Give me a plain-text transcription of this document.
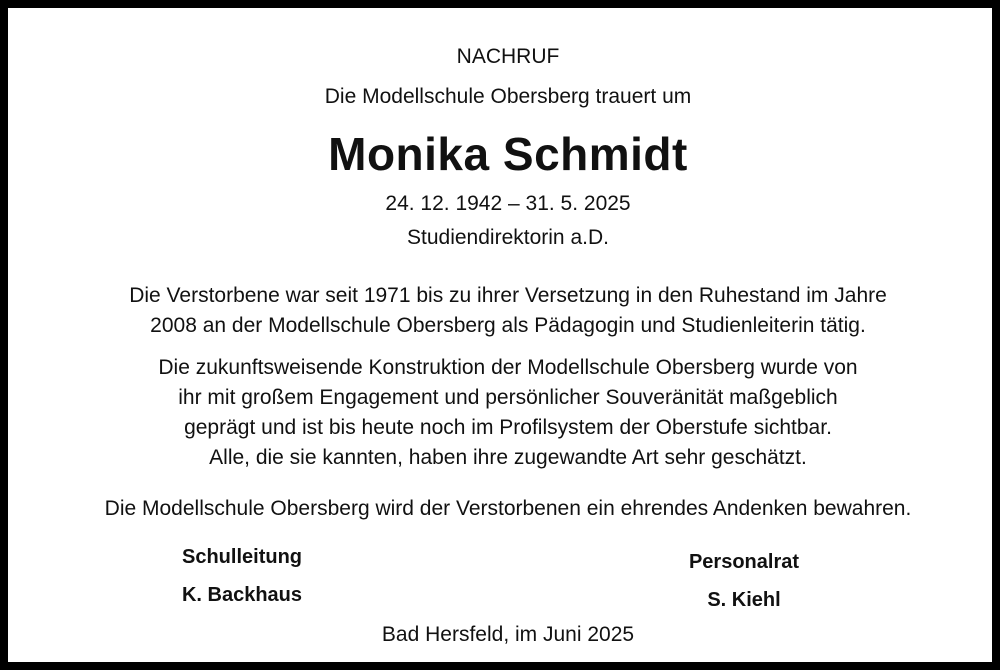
NACHRUF
Die Modellschule Obersberg trauert um
Monika Schmidt
24. 12. 1942 – 31. 5. 2025
Studiendirektorin a.D.
Die Verstorbene war seit 1971 bis zu ihrer Versetzung in den Ruhestand im Jahre
2008 an der Modellschule Obersberg als Pädagogin und Studienleiterin tätig.
Die zukunftsweisende Konstruktion der Modellschule Obersberg wurde von
ihr mit großem Engagement und persönlicher Souveränität maßgeblich
geprägt und ist bis heute noch im Profilsystem der Oberstufe sichtbar.
Alle, die sie kannten, haben ihre zugewandte Art sehr geschätzt.
Die Modellschule Obersberg wird der Verstorbenen ein ehrendes Andenken bewahren.
Schulleitung
K. Backhaus
Personalrat
S. Kiehl
Bad Hersfeld, im Juni 2025
